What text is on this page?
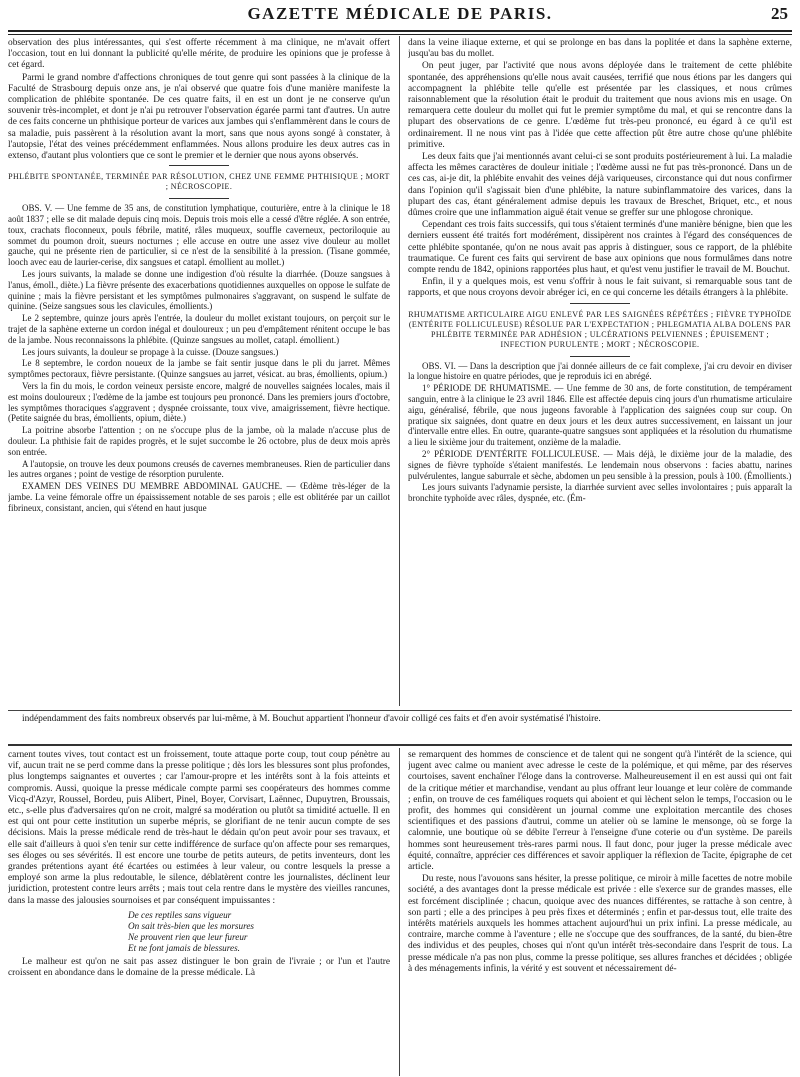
GAZETTE MÉDICALE DE PARIS.	25

observation des plus intéressantes, qui s'est offerte récemment à ma clinique, ne m'avait offert l'occasion, tout en lui donnant la publicité qu'elle mérite, de produire les opinions que je professe à cet égard.

Parmi le grand nombre d'affections chroniques de tout genre qui sont passées à la clinique de la Faculté de Strasbourg depuis onze ans, je n'ai observé que quatre fois d'une manière manifeste la complication de phlébite spontanée. De ces quatre faits, il en est un dont je ne conserve qu'un souvenir très-incomplet, et dont je n'ai pu retrouver l'observation égarée parmi tant d'autres. Un autre de ces faits concerne un phthisique porteur de varices aux jambes qui s'enflammèrent dans le cours de sa maladie, puis passèrent à la résolution avant la mort, sans que nous ayons songé à constater, à l'autopsie, l'état des veines précédemment enflammées. Nous allons produire les deux autres cas in extenso, d'autant plus volontiers que ce sont le premier et le dernier que nous ayons observés.

PHLÉBITE SPONTANÉE, TERMINÉE PAR RÉSOLUTION, CHEZ UNE FEMME PHTHISIQUE ; MORT ; NÉCROSCOPIE.

OBS. V. — Une femme de 35 ans, de constitution lymphatique, couturière, entre à la clinique le 18 août 1837 ; elle se dit malade depuis cinq mois. Depuis trois mois elle a cessé d'être réglée. A son entrée, toux, crachats floconneux, pouls fébrile, matité, râles muqueux, souffle caverneux, pectoriloquie au sommet du poumon droit, sueurs nocturnes ; elle accuse en outre une assez vive douleur au mollet gauche, qui ne présente rien de particulier, si ce n'est de la sensibilité à la pression. (Tisane gommée, looch avec eau de laurier-cerise, dix sangsues et catapl. émollient au mollet.)

Les jours suivants, la malade se donne une indigestion d'où résulte la diarrhée. (Douze sangsues à l'anus, émoll., diète.) La fièvre présente des exacerbations quotidiennes auxquelles on oppose le sulfate de quinine ; mais la fièvre persistant et les symptômes pulmonaires s'aggravant, on suspend le sulfate de quinine. (Seize sangsues sous les clavicules, émollients.)

Le 2 septembre, quinze jours après l'entrée, la douleur du mollet existant toujours, on perçoit sur le trajet de la saphène externe un cordon inégal et douloureux ; un peu d'empâtement rénitent occupe le bas de la jambe. Nous reconnaissons la phlébite. (Quinze sangsues au mollet, catapl. émollient.)

Les jours suivants, la douleur se propage à la cuisse. (Douze sangsues.)

Le 8 septembre, le cordon noueux de la jambe se fait sentir jusque dans le pli du jarret. Mêmes symptômes pectoraux, fièvre persistante. (Quinze sangsues au jarret, vésicat. au bras, émollients, opium.)

Vers la fin du mois, le cordon veineux persiste encore, malgré de nouvelles saignées locales, mais il est moins douloureux ; l'œdème de la jambe est toujours peu prononcé. Dans les premiers jours d'octobre, les symptômes thoraciques s'aggravent ; dyspnée croissante, toux vive, amaigrissement, fièvre hectique. (Petite saignée du bras, émollients, opium, diète.)

La poitrine absorbe l'attention ; on ne s'occupe plus de la jambe, où la malade n'accuse plus de douleur. La phthisie fait de rapides progrès, et le sujet succombe le 26 octobre, plus de deux mois après son entrée.

A l'autopsie, on trouve les deux poumons creusés de cavernes membraneuses. Rien de particulier dans les autres organes ; point de vestige de résorption purulente.

EXAMEN DES VEINES DU MEMBRE ABDOMINAL GAUCHE. — Œdème très-léger de la jambe. La veine fémorale offre un épaississement notable de ses parois ; elle est oblitérée par un caillot fibrineux, consistant, ancien, qui s'étend en haut jusque

dans la veine iliaque externe, et qui se prolonge en bas dans la poplitée et dans la saphène externe, jusqu'au bas du mollet.

On peut juger, par l'activité que nous avons déployée dans le traitement de cette phlébite spontanée, des appréhensions qu'elle nous avait causées, terrifié que nous étions par les dangers qui accompagnent la phlébite telle qu'elle est présentée par les classiques, et nous crûmes raisonnablement que la résolution était le produit du traitement que nous avions mis en usage. On remarquera cette douleur du mollet qui fut le premier symptôme du mal, et qui se rencontre dans la plupart des observations de ce genre. L'œdème fut très-peu prononcé, eu égard à ce qu'il est ordinairement. Il ne nous vint pas à l'idée que cette affection pût être autre chose qu'une phlébite primitive.

Les deux faits que j'ai mentionnés avant celui-ci se sont produits postérieurement à lui. La maladie affecta les mêmes caractères de douleur initiale ; l'œdème aussi ne fut pas très-prononcé. Dans un de ces cas, ai-je dit, la phlébite envahit des veines déjà variqueuses, circonstance qui dut nous confirmer dans l'opinion qu'il s'agissait bien d'une phlébite, la nature subinflammatoire des varices, dans la plupart des cas, étant généralement admise depuis les travaux de Breschet, Briquet, etc., et nous dûmes croire que une inflammation aiguë était venue se greffer sur une phlogose chronique.

Cependant ces trois faits successifs, qui tous s'étaient terminés d'une manière bénigne, bien que les derniers eussent été traités fort modérément, dissipèrent nos craintes à l'égard des conséquences de cette phlébite spontanée, qu'on ne nous avait pas appris à distinguer, sous ce rapport, de la phlébite traumatique. Ce furent ces faits qui servirent de base aux opinions que nous formulâmes dans notre compte rendu de 1842, opinions rapportées plus haut, et qu'est venu justifier le travail de M. Bouchut.

Enfin, il y a quelques mois, est venu s'offrir à nous le fait suivant, si remarquable sous tant de rapports, et que nous croyons devoir abréger ici, en ce qui concerne les détails étrangers à la phlébite.

RHUMATISME ARTICULAIRE AIGU ENLEVÉ PAR LES SAIGNÉES RÉPÉTÉES ; FIÈVRE TYPHOÏDE (ENTÉRITE FOLLICULEUSE) RÉSOLUE PAR L'EXPECTATION ; PHLEGMATIA ALBA DOLENS PAR PHLÉBITE TERMINÉE PAR ADHÉSION ; ULCÉRATIONS PELVIENNES ; ÉPUISEMENT ; INFECTION PURULENTE ; MORT ; NÉCROSCOPIE.

OBS. VI. — Dans la description que j'ai donnée ailleurs de ce fait complexe, j'ai cru devoir en diviser la longue histoire en quatre périodes, que je reproduis ici en abrégé.

1° PÉRIODE DE RHUMATISME. — Une femme de 30 ans, de forte constitution, de tempérament sanguin, entre à la clinique le 23 avril 1846. Elle est affectée depuis cinq jours d'un rhumatisme articulaire aigu, généralisé, fébrile, que nous jugeons favorable à l'application des saignées coup sur coup. On pratique six saignées, dont quatre en deux jours et les deux autres successivement, en laissant un jour d'intervalle entre elles. En outre, quarante-quatre sangsues sont appliquées et la résolution du rhumatisme a lieu le sixième jour du traitement, onzième de la maladie.

2° PÉRIODE D'ENTÉRITE FOLLICULEUSE. — Mais déjà, le dixième jour de la maladie, des signes de fièvre typhoïde s'étaient manifestés. Le lendemain nous observons : facies abattu, narines pulvérulentes, langue saburrale et sèche, abdomen un peu sensible à la pression, pouls à 100. (Émollients.)

Les jours suivants l'adynamie persiste, la diarrhée survient avec selles involontaires ; puis apparaît la bronchite typhoïde avec râles, dyspnée, etc. (Ém-

indépendamment des faits nombreux observés par lui-même, à M. Bouchut appartient l'honneur d'avoir colligé ces faits et d'en avoir systématisé l'histoire.

carnent toutes vives, tout contact est un froissement, toute attaque porte coup, tout coup pénètre au vif, aucun trait ne se perd comme dans la presse politique ; dès lors les blessures sont plus profondes, plus longtemps saignantes et ouvertes ; car l'amour-propre et les intérêts sont à la fois atteints et compromis. Aussi, quoique la presse médicale compte parmi ses coopérateurs des hommes comme Vicq-d'Azyr, Roussel, Bordeu, puis Alibert, Pinel, Boyer, Corvisart, Laënnec, Dupuytren, Broussais, etc., s-elle plus d'adversaires qu'on ne croit, malgré sa modération ou plutôt sa timidité actuelle. Il en est qui ont pour cette institution un superbe mépris, se glorifiant de ne tenir aucun compte de ses décisions. Mais la presse médicale rend de très-haut le dédain qu'on peut avoir pour ses travaux, et elle sait d'ailleurs à quoi s'en tenir sur cette indifférence de surface qu'on affecte pour ses remarques, ses éloges ou ses sévérités. Il est encore une tourbe de petits auteurs, de petits inventeurs, dont les grandes prétentions ayant été écartées ou estimées à leur valeur, ou contre lesquels la presse a employé son arme la plus redoutable, le silence, déblatèrent contre les journalistes, déclinent leur juridiction, protestent contre leurs arrêts ; mais tout cela rentre dans le mystère des vieilles rancunes, dans la masse des jalousies sournoises et par conséquent impuissantes :

De ces reptiles sans vigueur
On sait très-bien que les morsures
Ne prouvent rien que leur fureur
Et ne font jamais de blessures.

Le malheur est qu'on ne sait pas assez distinguer le bon grain de l'ivraie ; or l'un et l'autre croissent en abondance dans le domaine de la presse médicale. Là

se remarquent des hommes de conscience et de talent qui ne songent qu'à l'intérêt de la science, qui jugent avec calme ou manient avec adresse le ceste de la polémique, et qui même, par des réserves courtoises, savent enchaîner l'éloge dans la controverse. Malheureusement il en est aussi qui ont fait de la critique métier et marchandise, vendant au plus offrant leur louange et leur colère de commande ; enfin, on trouve de ces faméliques roquets qui aboient et qui lèchent selon le temps, l'occasion ou le profit, des hommes qui considèrent un journal comme une exploitation mercantile des choses scientifiques et des passions d'autrui, comme un atelier où se lamine le mensonge, où se forge la calomnie, une boutique où se débite l'erreur à l'enseigne d'une coterie ou d'un système. De pareils hommes sont heureusement très-rares parmi nous. Il faut donc, pour juger la presse médicale avec équité, connaître, apprécier ces différences et savoir appliquer la réflexion de Tacite, épigraphe de cet article.

Du reste, nous l'avouons sans hésiter, la presse politique, ce miroir à mille facettes de notre mobile société, a des avantages dont la presse médicale est privée : elle s'exerce sur de grandes masses, elle est forcément disciplinée ; chacun, quoique avec des nuances différentes, se rattache à son centre, à son parti ; elle a des principes à peu près fixes et déterminés ; enfin et par-dessus tout, elle traite des intérêts matériels auxquels les hommes attachent aujourd'hui un prix infini. La presse médicale, au contraire, marche comme à l'aventure ; elle ne s'occupe que des souffrances, de la santé, du bien-être des individus et des peuples, choses qui n'ont qu'un intérêt très-secondaire dans l'esprit de tous. La presse médicale n'a pas non plus, comme la presse politique, ses allures franches et décidées ; obligée à des ménagements infinis, la vérité y est souvent et nécessairement dé-
